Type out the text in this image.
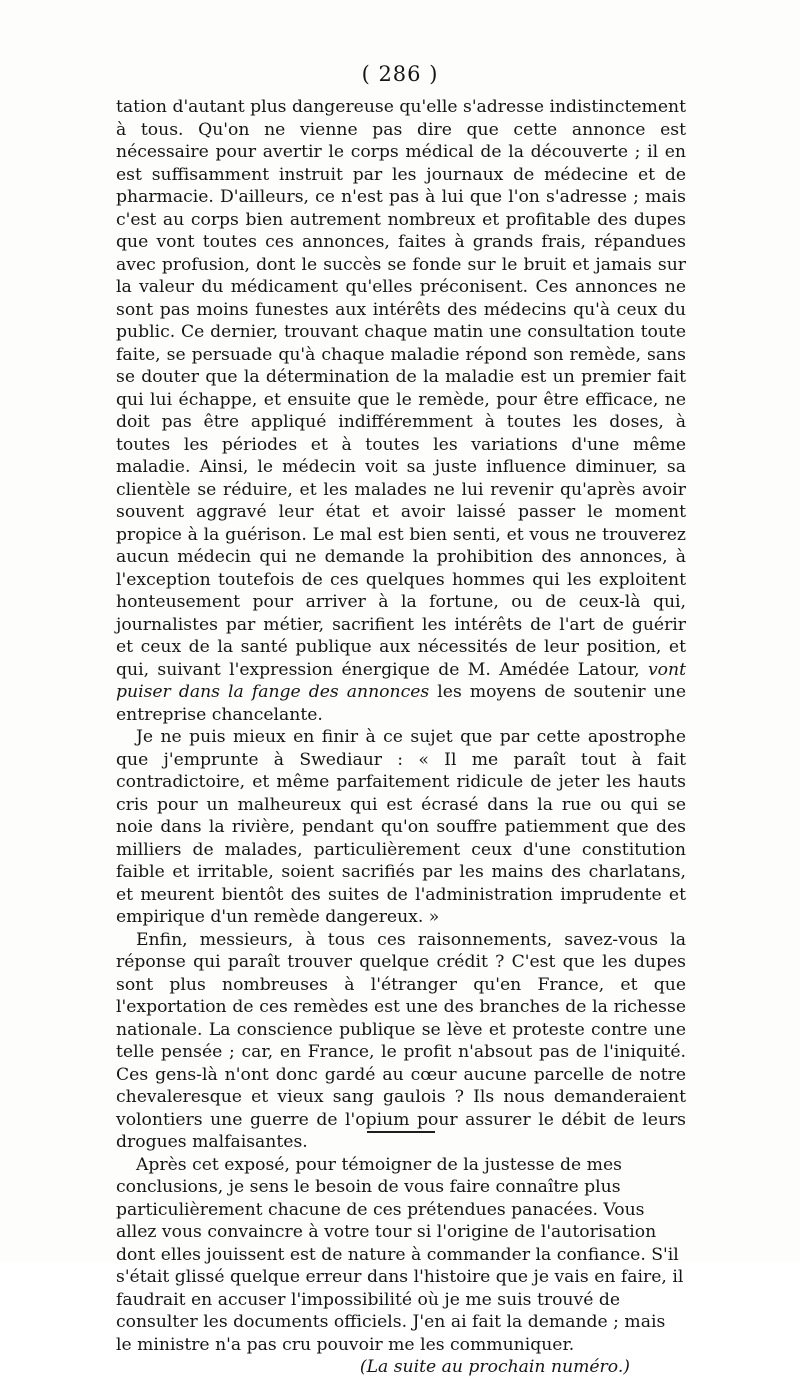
( 286 )

tation d'autant plus dangereuse qu'elle s'adresse indistinctement à tous. Qu'on ne vienne pas dire que cette annonce est nécessaire pour avertir le corps médical de la découverte ; il en est suffisamment instruit par les journaux de médecine et de pharmacie. D'ailleurs, ce n'est pas à lui que l'on s'adresse ; mais c'est au corps bien autrement nombreux et profitable des dupes que vont toutes ces annonces, faites à grands frais, répandues avec profusion, dont le succès se fonde sur le bruit et jamais sur la valeur du médicament qu'elles préconisent. Ces annonces ne sont pas moins funestes aux intérêts des médecins qu'à ceux du public. Ce dernier, trouvant chaque matin une consultation toute faite, se persuade qu'à chaque maladie répond son remède, sans se douter que la détermination de la maladie est un premier fait qui lui échappe, et ensuite que le remède, pour être efficace, ne doit pas être appliqué indifféremment à toutes les doses, à toutes les périodes et à toutes les variations d'une même maladie. Ainsi, le médecin voit sa juste influence diminuer, sa clientèle se réduire, et les malades ne lui revenir qu'après avoir souvent aggravé leur état et avoir laissé passer le moment propice à la guérison. Le mal est bien senti, et vous ne trouverez aucun médecin qui ne demande la prohibition des annonces, à l'exception toutefois de ces quelques hommes qui les exploitent honteusement pour arriver à la fortune, ou de ceux-là qui, journalistes par métier, sacrifient les intérêts de l'art de guérir et ceux de la santé publique aux nécessités de leur position, et qui, suivant l'expression énergique de M. Amédée Latour, vont puiser dans la fange des annonces les moyens de soutenir une entreprise chancelante.

Je ne puis mieux en finir à ce sujet que par cette apostrophe que j'emprunte à Swediaur : « Il me paraît tout à fait contradictoire, et même parfaitement ridicule de jeter les hauts cris pour un malheureux qui est écrasé dans la rue ou qui se noie dans la rivière, pendant qu'on souffre patiemment que des milliers de malades, particulièrement ceux d'une constitution faible et irritable, soient sacrifiés par les mains des charlatans, et meurent bientôt des suites de l'administration imprudente et empirique d'un remède dangereux. »

Enfin, messieurs, à tous ces raisonnements, savez-vous la réponse qui paraît trouver quelque crédit ? C'est que les dupes sont plus nombreuses à l'étranger qu'en France, et que l'exportation de ces remèdes est une des branches de la richesse nationale. La conscience publique se lève et proteste contre une telle pensée ; car, en France, le profit n'absout pas de l'iniquité. Ces gens-là n'ont donc gardé au cœur aucune parcelle de notre chevaleresque et vieux sang gaulois ? Ils nous demanderaient volontiers une guerre de l'opium pour assurer le débit de leurs drogues malfaisantes.

Après cet exposé, pour témoigner de la justesse de mes conclusions, je sens le besoin de vous faire connaître plus particulièrement chacune de ces prétendues panacées. Vous allez vous convaincre à votre tour si l'origine de l'autorisation dont elles jouissent est de nature à commander la confiance. S'il s'était glissé quelque erreur dans l'histoire que je vais en faire, il faudrait en accuser l'impossibilité où je me suis trouvé de consulter les documents officiels. J'en ai fait la demande ; mais le ministre n'a pas cru pouvoir me les communiquer.
(La suite au prochain numéro.)
